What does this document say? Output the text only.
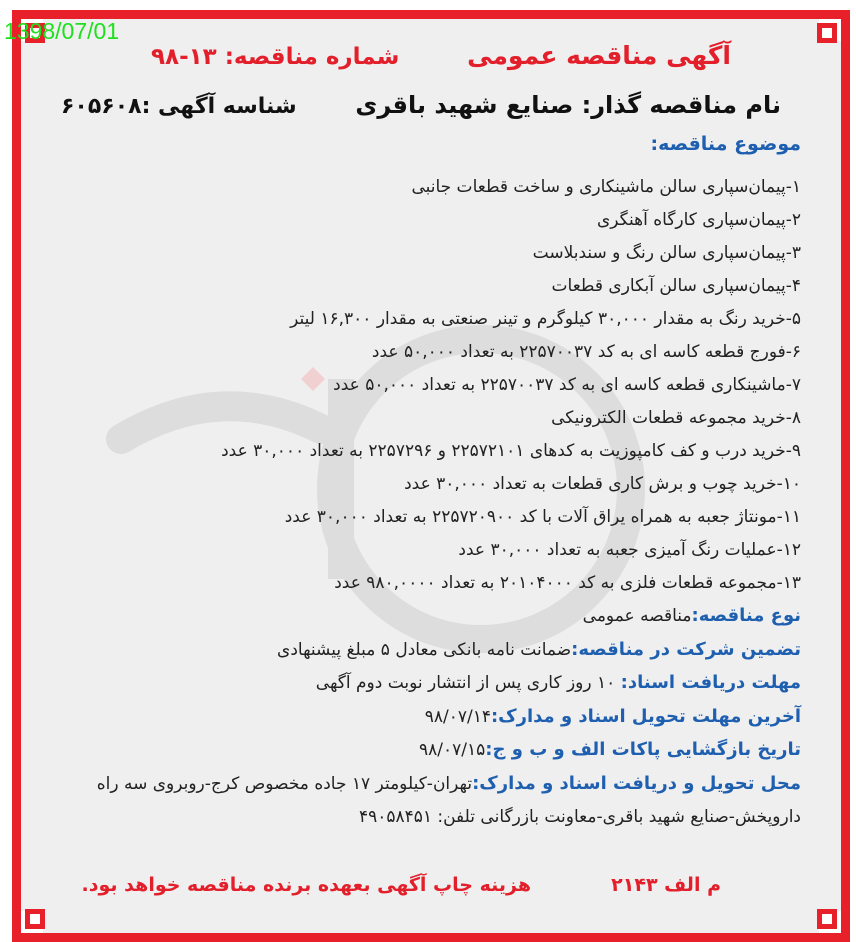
آگهی مناقصه عمومی
شماره مناقصه: ۱۳-۹۸
نام مناقصه گذار: صنایع شهید باقری
شناسه آگهی :۶۰۵۶۰۸
موضوع مناقصه:
۱-پیمان‌سپاری سالن ماشینکاری و ساخت قطعات جانبی
۲-پیمان‌سپاری کارگاه آهنگری
۳-پیمان‌سپاری سالن رنگ و سندبلاست
۴-پیمان‌سپاری سالن آبکاری قطعات
۵-خرید رنگ به مقدار ۳۰,۰۰۰ کیلوگرم و تینر صنعتی به مقدار ۱۶,۳۰۰ لیتر
۶-فورج قطعه کاسه ای به کد ۲۲۵۷۰۰۳۷ به تعداد ۵۰,۰۰۰ عدد
۷-ماشینکاری قطعه کاسه ای به کد ۲۲۵۷۰۰۳۷ به تعداد ۵۰,۰۰۰ عدد
۸-خرید مجموعه قطعات الکترونیکی
۹-خرید درب و کف کامپوزیت به کدهای ۲۲۵۷۲۱۰۱ و ۲۲۵۷۲۹۶ به تعداد ۳۰,۰۰۰ عدد
۱۰-خرید چوب و برش کاری قطعات به تعداد ۳۰,۰۰۰ عدد
۱۱-مونتاژ جعبه به همراه یراق آلات با کد ۲۲۵۷۲۰۹۰۰ به تعداد ۳۰,۰۰۰ عدد
۱۲-عملیات رنگ آمیزی جعبه به تعداد ۳۰,۰۰۰ عدد
۱۳-مجموعه قطعات فلزی به کد ۲۰۱۰۴۰۰۰ به تعداد ۹۸۰,۰۰۰۰ عدد
نوع مناقصه:مناقصه عمومی
تضمین شرکت در مناقصه:ضمانت نامه بانکی معادل ۵ مبلغ پیشنهادی
مهلت دریافت اسناد: ۱۰ روز کاری پس از انتشار نوبت دوم آگهی
آخرین مهلت تحویل اسناد و مدارک:۹۸/۰۷/۱۴
تاریخ بازگشایی پاکات الف و ب و ج:۹۸/۰۷/۱۵
محل تحویل و دریافت اسناد و مدارک:تهران-کیلومتر ۱۷ جاده مخصوص کرج-روبروی سه راه
داروپخش-صنایع شهید باقری-معاونت بازرگانی تلفن: ۴۹۰۵۸۴۵۱
م الف ۲۱۴۳
هزینه چاپ آگهی بعهده برنده مناقصه خواهد بود.
1398/07/01
